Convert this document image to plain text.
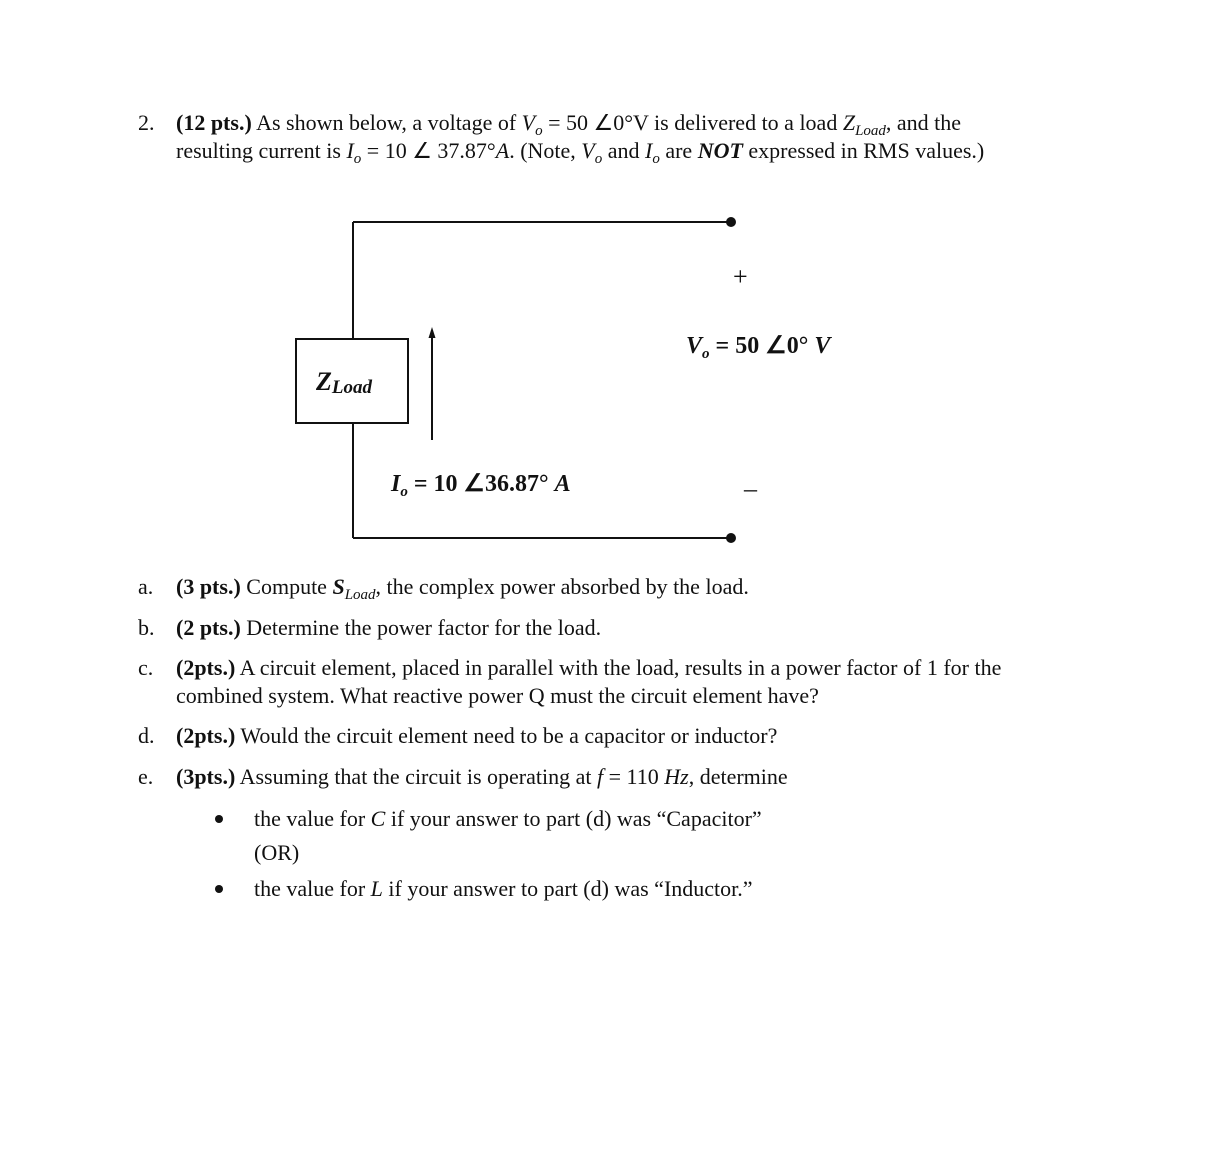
2. (12 pts.) As shown below, a voltage of $V_o = 50$ ∠0°V is delivered to a load $Z_{Load}$, and the
resulting current is $I_o = 10$ ∠ 37.87°A. (Note, $V_o$ and $I_o$ are NOT expressed in RMS values.)
+
–
$V_o = 50$ ∠0° V
ZLoad
$I_o = 10$ ∠36.87° A
a. (3 pts.) Compute $S_{Load}$, the complex power absorbed by the load.
b. (2 pts.) Determine the power factor for the load.
c. (2pts.) A circuit element, placed in parallel with the load, results in a power factor of 1 for the
combined system. What reactive power Q must the circuit element have?
d. (2pts.) Would the circuit element need to be a capacitor or inductor?
e. (3pts.) Assuming that the circuit is operating at f = 110 Hz, determine
the value for C if your answer to part (d) was “Capacitor”
(OR)
the value for L if your answer to part (d) was “Inductor.”
